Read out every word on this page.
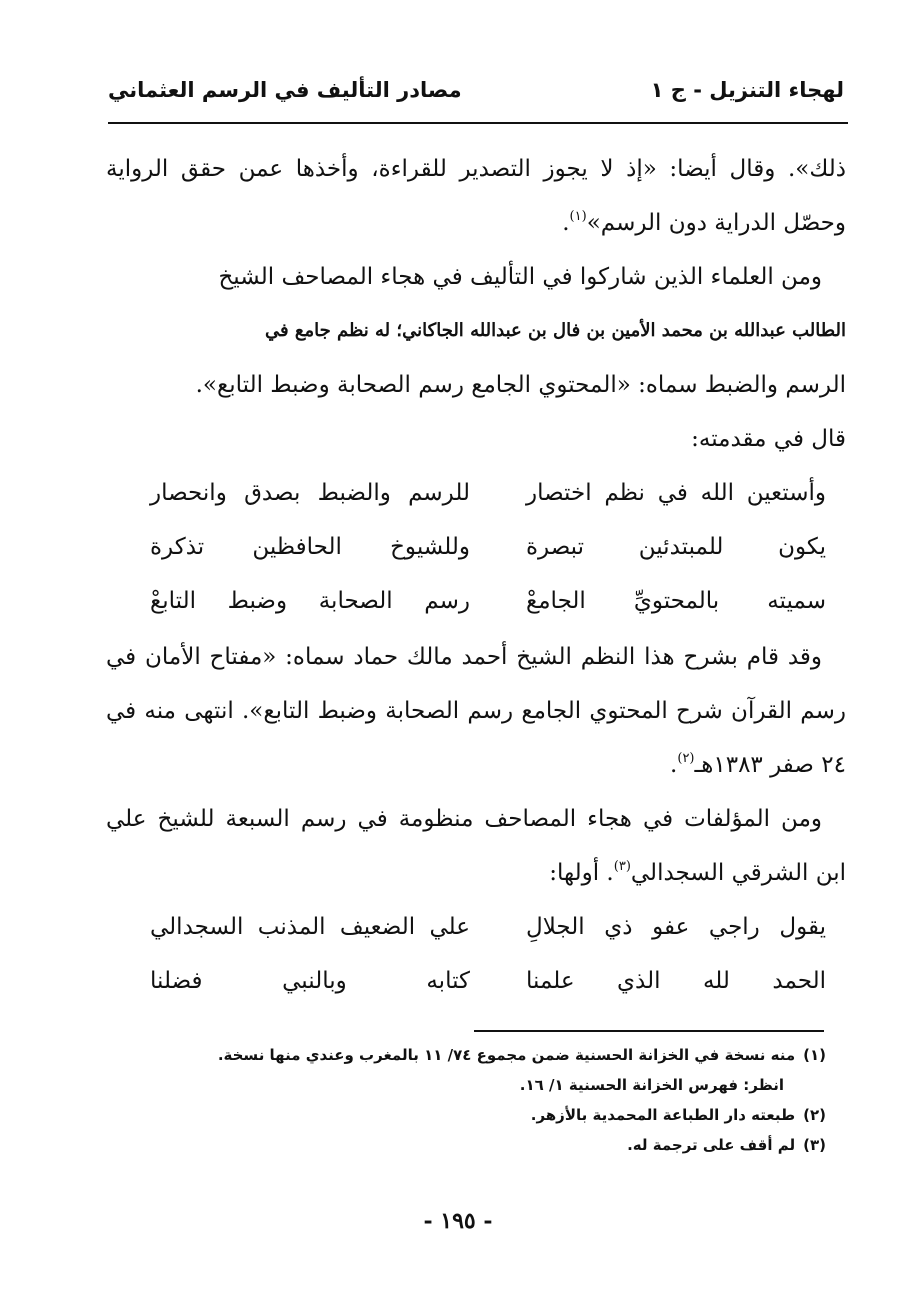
لهجاء التنزيل - ج ١
مصادر التأليف في الرسم العثماني

ذلك». وقال أيضا: «إذ لا يجوز التصدير للقراءة، وأخذها عمن حقق الرواية وحصّل الدراية دون الرسم»$^{(١)}$.

ومن العلماء الذين شاركوا في التأليف في هجاء المصاحف الشيخ

الطالب عبدالله بن محمد الأمين بن فال بن عبدالله الجاكاني؛ له نظم جامع في

الرسم والضبط سماه: «المحتوي الجامع رسم الصحابة وضبط التابع».

قال في مقدمته:

وأستعين الله في نظم اختصار
للرسم والضبط بصدق وانحصار
يكون للمبتدئين تبصرة
وللشيوخ الحافظين تذكرة
سميته بالمحتويِّ الجامعْ
رسم الصحابة وضبط التابعْ

وقد قام بشرح هذا النظم الشيخ أحمد مالك حماد سماه: «مفتاح الأمان في رسم القرآن شرح المحتوي الجامع رسم الصحابة وضبط التابع». انتهى منه في ٢٤ صفر ١٣٨٣هـ$^{(٢)}$.

ومن المؤلفات في هجاء المصاحف منظومة في رسم السبعة للشيخ علي ابن الشرقي السجدالي$^{(٣)}$. أولها:

يقول راجي عفو ذي الجلالِ
علي الضعيف المذنب السجدالي
الحمد لله الذي علمنا
كتابه وبالنبي فضلنا

(١)منه نسخة في الخزانة الحسنية ضمن مجموع ٧٤/ ١١ بالمغرب وعندي منها نسخة.

انظر: فهرس الخزانة الحسنية ١/ ١٦.

(٢)طبعته دار الطباعة المحمدية بالأزهر.

(٣)لم أقف على ترجمة له.

- ١٩٥ -
